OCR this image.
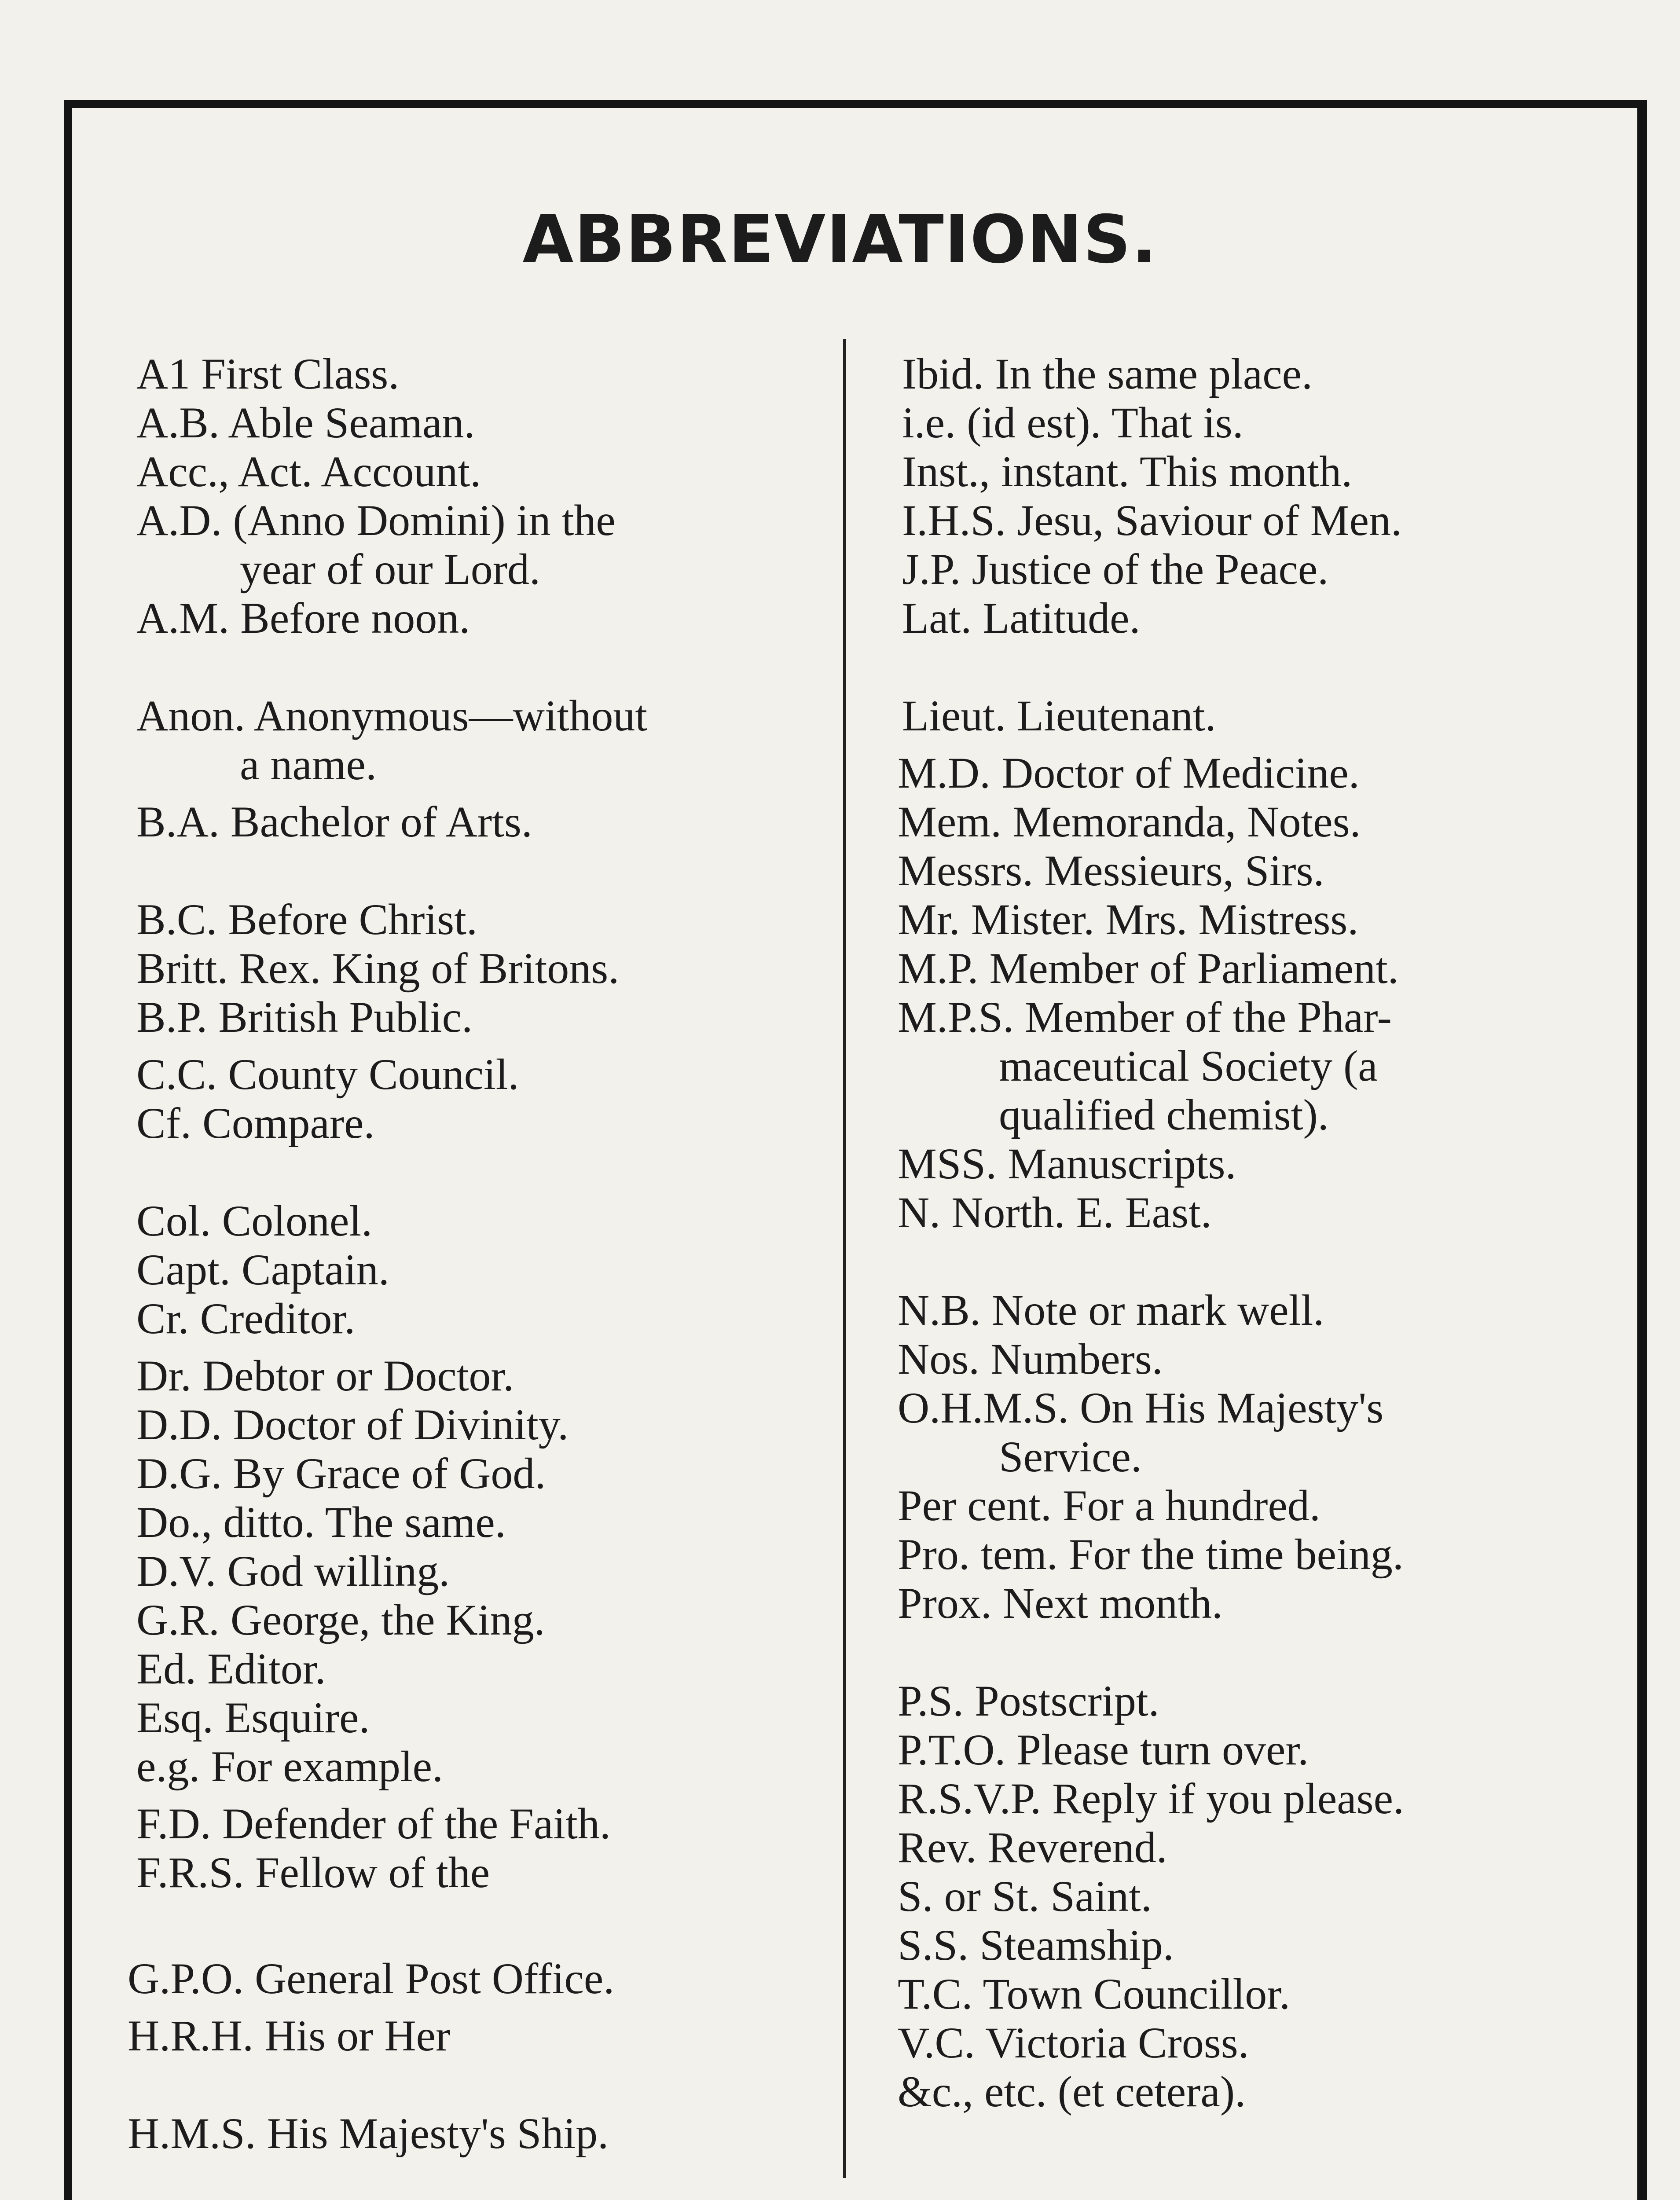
ABBREVIATIONS.
A1 First Class.
A.B. Able Seaman.
Acc., Act. Account.
A.D. (Anno Domini) in the
year of our Lord.
A.M. Before noon.
Anon. Anonymous—without
a name.
B.A. Bachelor of Arts.
B.C. Before Christ.
Britt. Rex. King of Britons.
B.P. British Public.
C.C. County Council.
Cf. Compare.
Col. Colonel.
Capt. Captain.
Cr. Creditor.
Dr. Debtor or Doctor.
D.D. Doctor of Divinity.
D.G. By Grace of God.
Do., ditto. The same.
D.V. God willing.
G.R. George, the King.
Ed. Editor.
Esq. Esquire.
e.g. For example.
F.D. Defender of the Faith.
F.R.S. Fellow of the
G.P.O. General Post Office.
H.R.H. His or Her
H.M.S. His Majesty's Ship.
Ibid. In the same place.
i.e. (id est). That is.
Inst., instant. This month.
I.H.S. Jesu, Saviour of Men.
J.P. Justice of the Peace.
Lat. Latitude.
Lieut. Lieutenant.
M.D. Doctor of Medicine.
Mem. Memoranda, Notes.
Messrs. Messieurs, Sirs.
Mr. Mister. Mrs. Mistress.
M.P. Member of Parliament.
M.P.S. Member of the Phar-
maceutical Society (a
qualified chemist).
MSS. Manuscripts.
N. North. E. East.
N.B. Note or mark well.
Nos. Numbers.
O.H.M.S. On His Majesty's
Service.
Per cent. For a hundred.
Pro. tem. For the time being.
Prox. Next month.
P.S. Postscript.
P.T.O. Please turn over.
R.S.V.P. Reply if you please.
Rev. Reverend.
S. or St. Saint.
S.S. Steamship.
T.C. Town Councillor.
V.C. Victoria Cross.
&c., etc. (et cetera).
